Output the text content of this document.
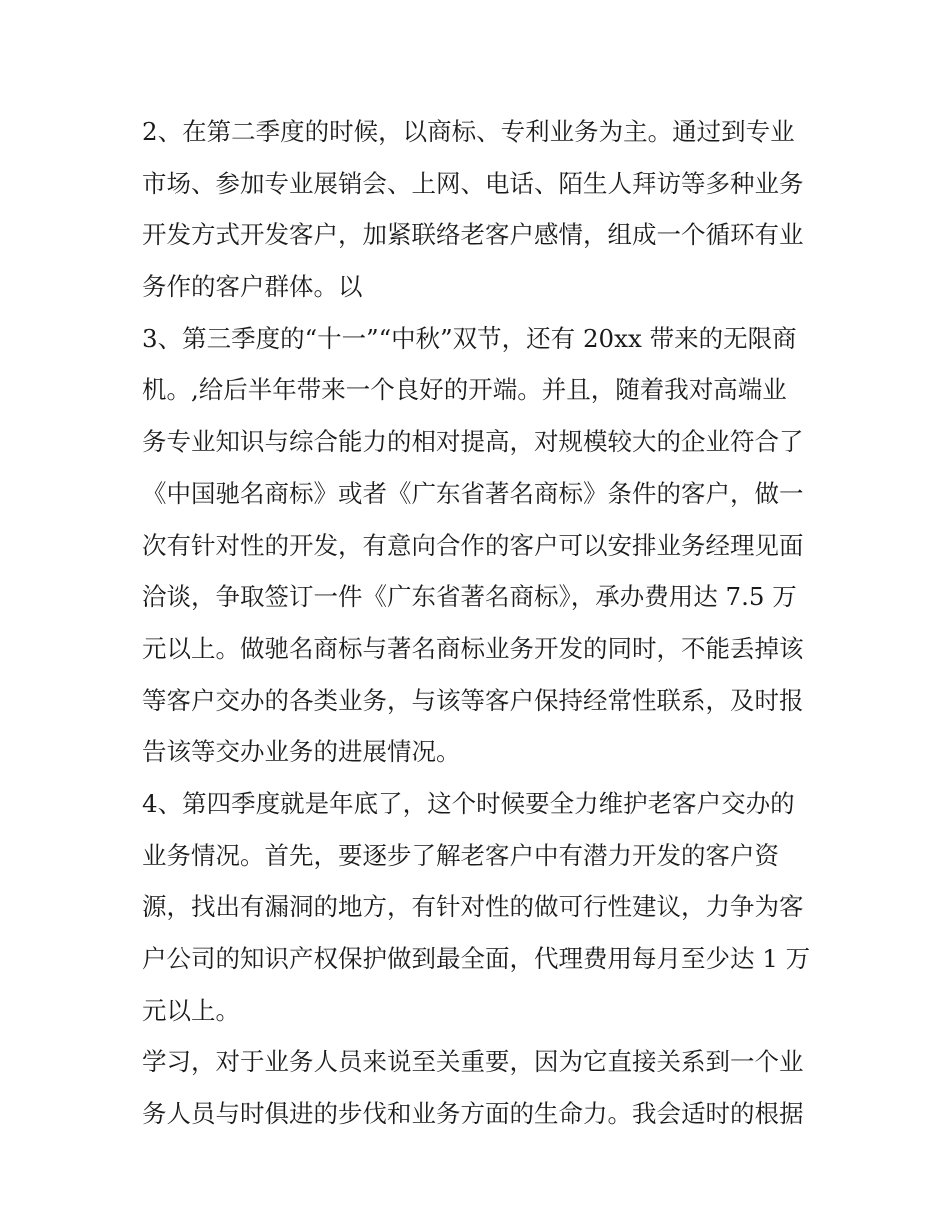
2、在第二季度的时候，以商标、专利业务为主。通过到专业
市场、参加专业展销会、上网、电话、陌生人拜访等多种业务
开发方式开发客户，加紧联络老客户感情，组成一个循环有业
务作的客户群体。以
3、第三季度的“十一”“中秋”双节，还有 20xx 带来的无限商
机。,给后半年带来一个良好的开端。并且，随着我对高端业
务专业知识与综合能力的相对提高，对规模较大的企业符合了
《中国驰名商标》或者《广东省著名商标》条件的客户，做一
次有针对性的开发，有意向合作的客户可以安排业务经理见面
洽谈，争取签订一件《广东省著名商标》，承办费用达 7.5 万
元以上。做驰名商标与著名商标业务开发的同时，不能丢掉该
等客户交办的各类业务，与该等客户保持经常性联系，及时报
告该等交办业务的进展情况。
4、第四季度就是年底了，这个时候要全力维护老客户交办的
业务情况。首先，要逐步了解老客户中有潜力开发的客户资
源，找出有漏洞的地方，有针对性的做可行性建议，力争为客
户公司的知识产权保护做到最全面，代理费用每月至少达 1 万
元以上。
学习，对于业务人员来说至关重要，因为它直接关系到一个业
务人员与时俱进的步伐和业务方面的生命力。我会适时的根据
